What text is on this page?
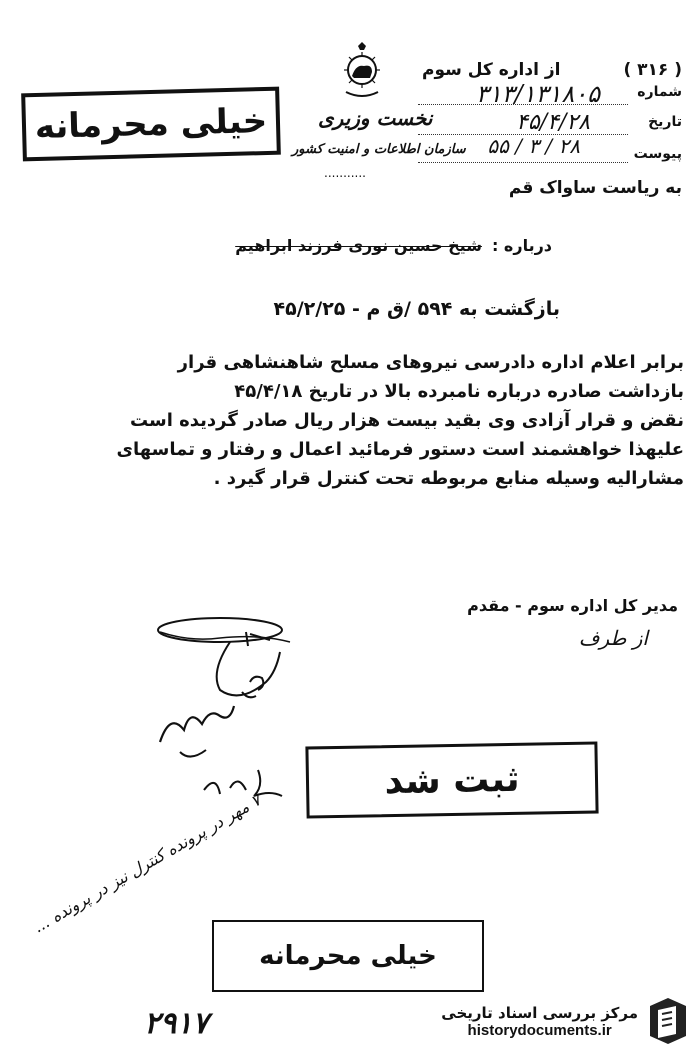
از اداره کل سوم	( ۳۱۶ )
شماره
۳۱۳/۱۳۱۸۰۵
تاریخ
۴۵/۴/۲۸
پیوست
۵۵ / ۳ / ۲۸
به ریاست ساواک قم
نخست وزیری
سازمان اطلاعات و امنیت کشور
...........
خیلی محرمانه
درباره :
شیخ حسین نوری فرزند ابراهیم
بازگشت به ۵۹۴ /ق م - ۴۵/۲/۲۵
برابر اعلام اداره دادرسی نیروهای مسلح شاهنشاهی قرار
بازداشت صادره درباره نامبرده بالا در تاریخ ۴۵/۴/۱۸
نقض و قرار آزادی وی بقید بیست هزار ریال صادر گردیده است
علیهذا خواهشمند است دستور فرمائید اعمال و رفتار و تماسهای
مشارالیه وسیله منابع مربوطه تحت کنترل قرار گیرد .
مدیر کل اداره سوم - مقدم
از طرف
ثبت شد
۷ مهر در پرونده کنترل نیز در پرونده ...
خیلی محرمانه
۲۹۱۷	مرکز بررسی اسناد تاریخی
historydocuments.ir
